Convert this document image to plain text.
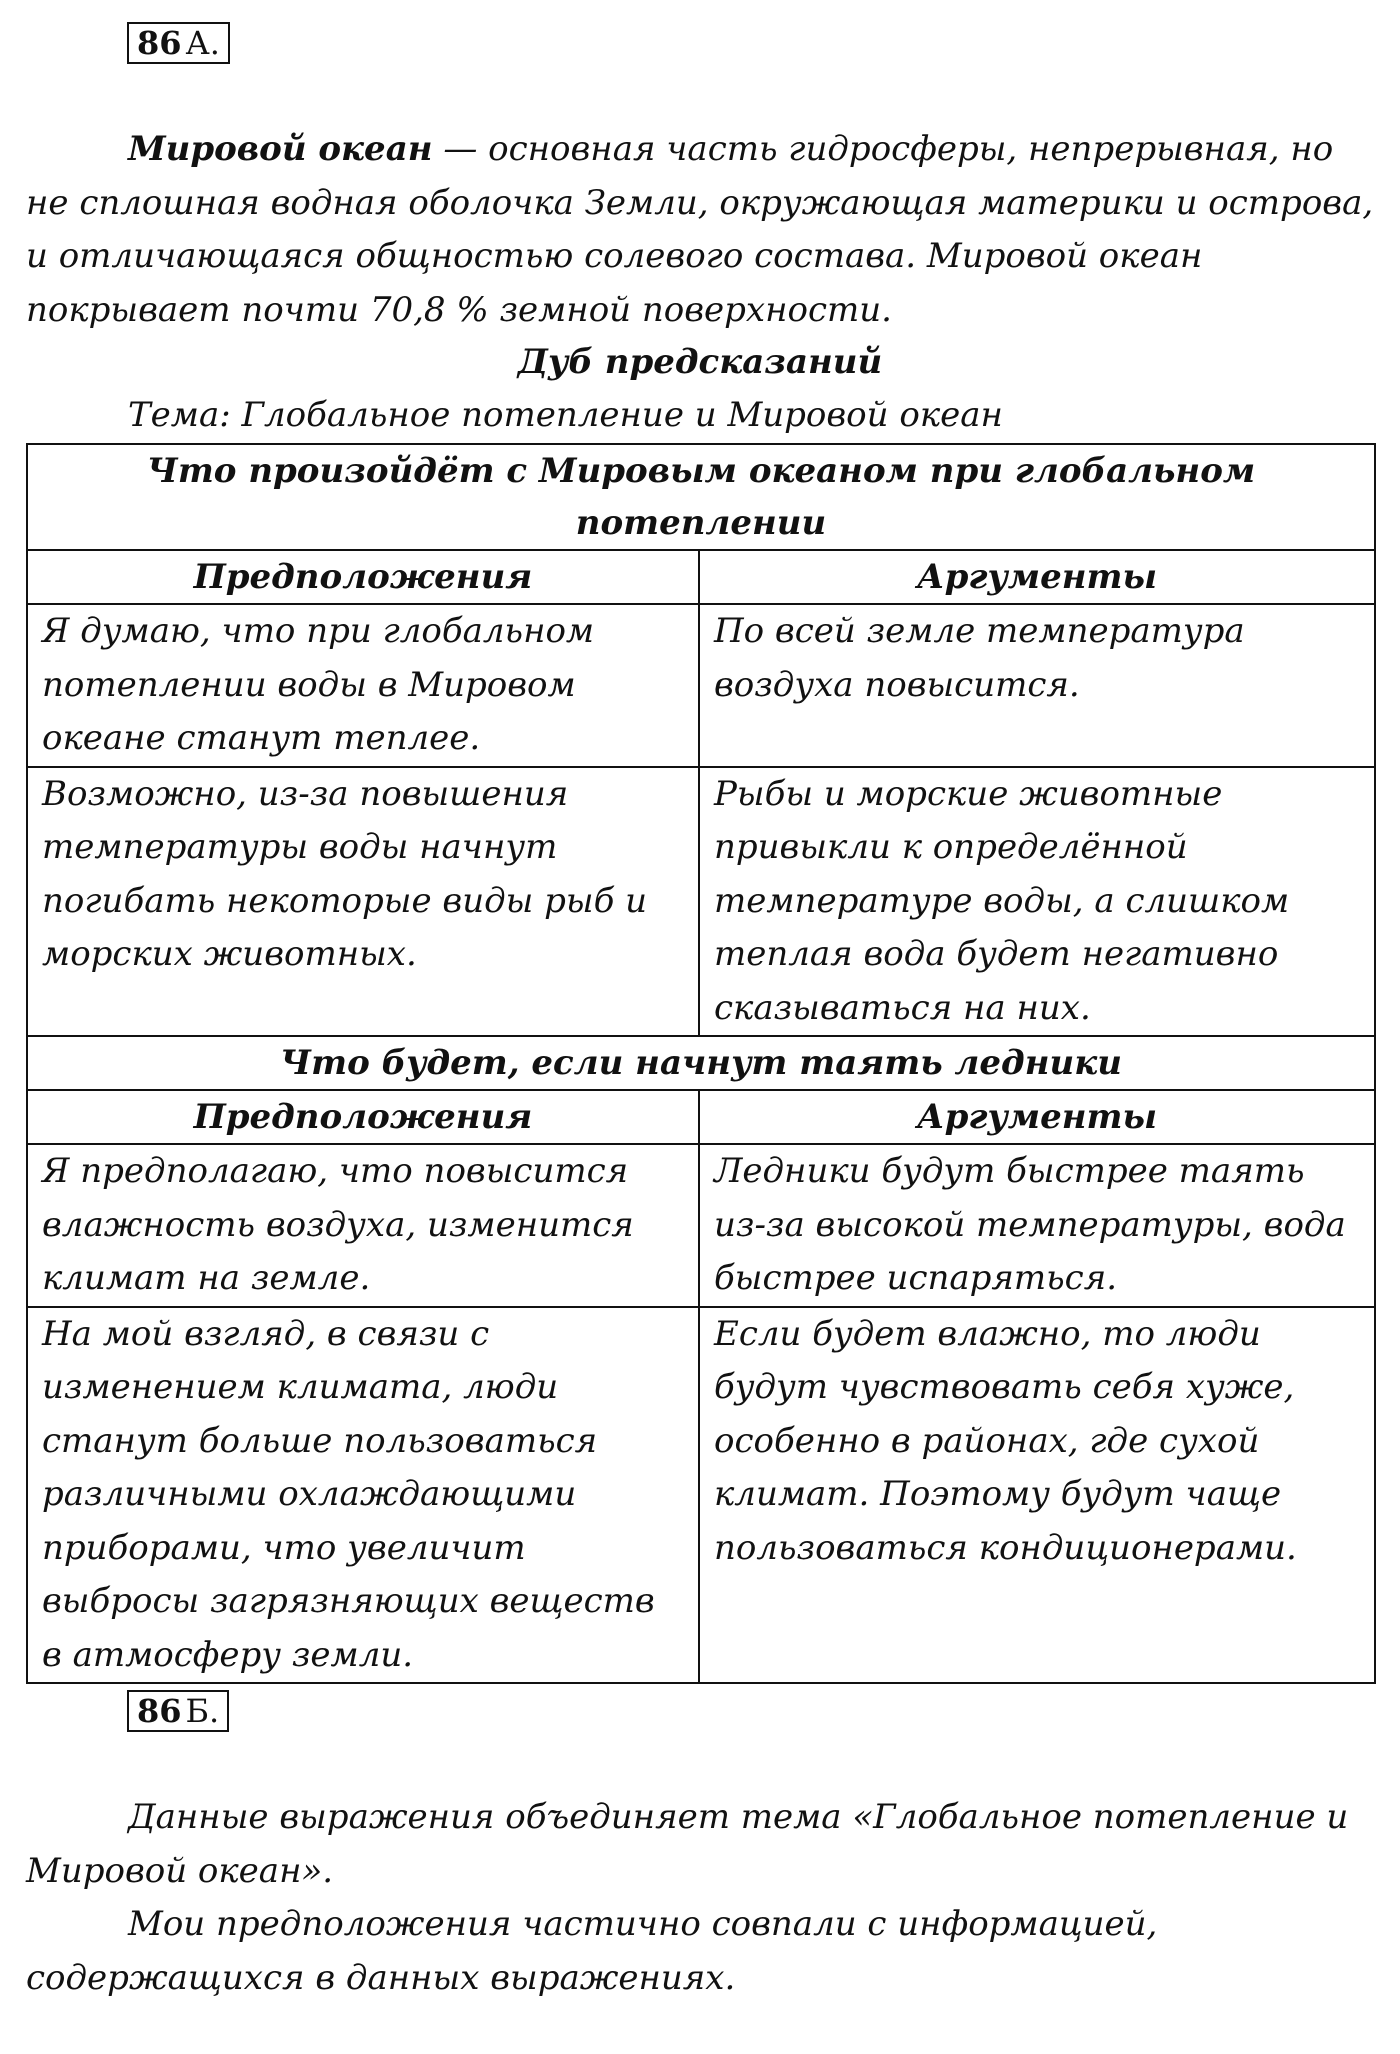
86 А.

Мировой океан — основная часть гидросферы, непрерывная, но не сплошная водная оболочка Земли, окружающая материки и острова, и отличающаяся общностью солевого состава. Мировой океан покрывает почти 70,8 % земной поверхности.

Дуб предсказаний
Тема: Глобальное потепление и Мировой океан
Что произойдёт с Мировым океаном при глобальном потеплении	
Предположения	Аргументы
Я думаю, что при глобальном потеплении воды в Мировом океане станут теплее.	По всей земле температура воздуха повысится.
Возможно, из-за повышения температуры воды начнут погибать некоторые виды рыб и морских животных.	Рыбы и морские животные привыкли к определённой температуре воды, а слишком теплая вода будет негативно сказываться на них.
Что будет, если начнут таять ледники	
Предположения	Аргументы
Я предполагаю, что повысится влажность воздуха, изменится климат на земле.	Ледники будут быстрее таять из-за высокой температуры, вода быстрее испаряться.
На мой взгляд, в связи с изменением климата, люди станут больше пользоваться различными охлаждающими приборами, что увеличит выбросы загрязняющих веществ в атмосферу земли.	Если будет влажно, то люди будут чувствовать себя хуже, особенно в районах, где сухой климат. Поэтому будут чаще пользоваться кондиционерами.
86 Б.

Данные выражения объединяет тема «Глобальное потепление и Мировой океан».

Мои предположения частично совпали с информацией, содержащихся в данных выражениях.
